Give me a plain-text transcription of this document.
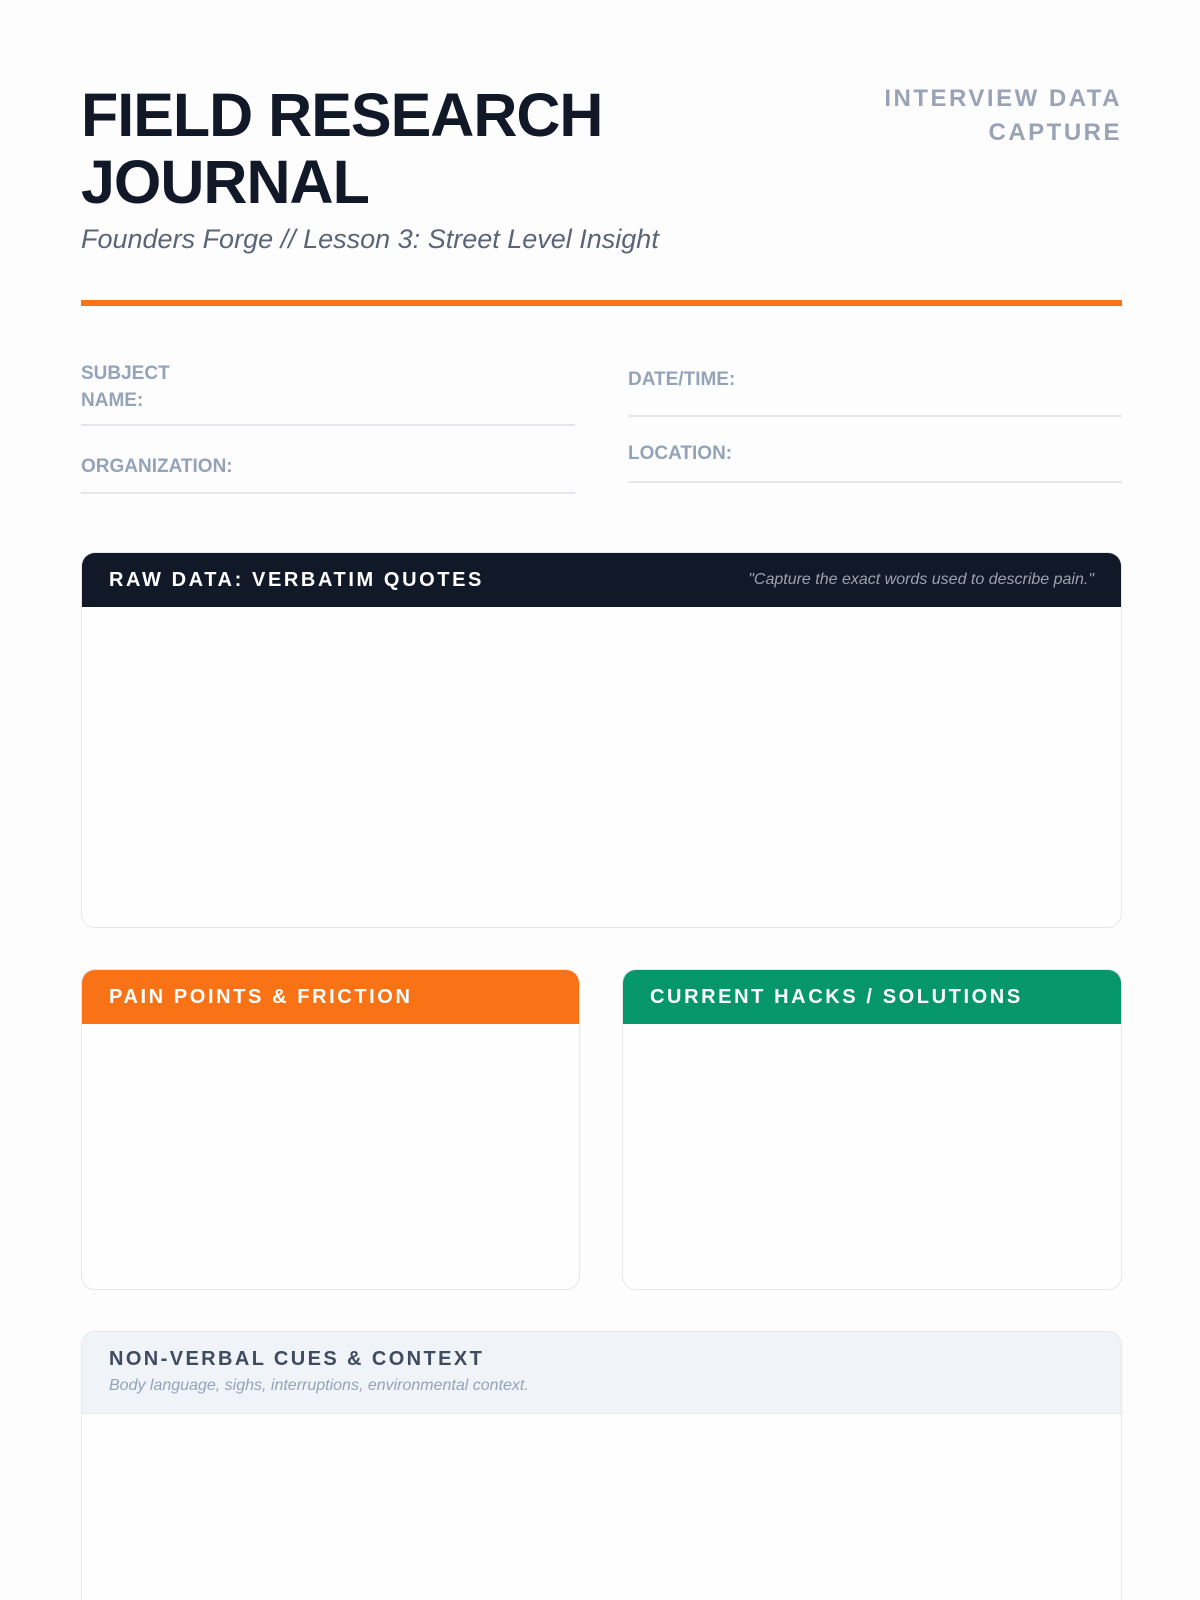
FIELD RESEARCH
JOURNAL
Founders Forge // Lesson 3: Street Level Insight
INTERVIEW DATA
CAPTURE
SUBJECT NAME:
DATE/TIME:
ORGANIZATION:
LOCATION:
RAW DATA: VERBATIM QUOTES	"Capture the exact words used to describe pain."
PAIN POINTS & FRICTION	CURRENT HACKS / SOLUTIONS
NON-VERBAL CUES & CONTEXT
Body language, sighs, interruptions, environmental context.
